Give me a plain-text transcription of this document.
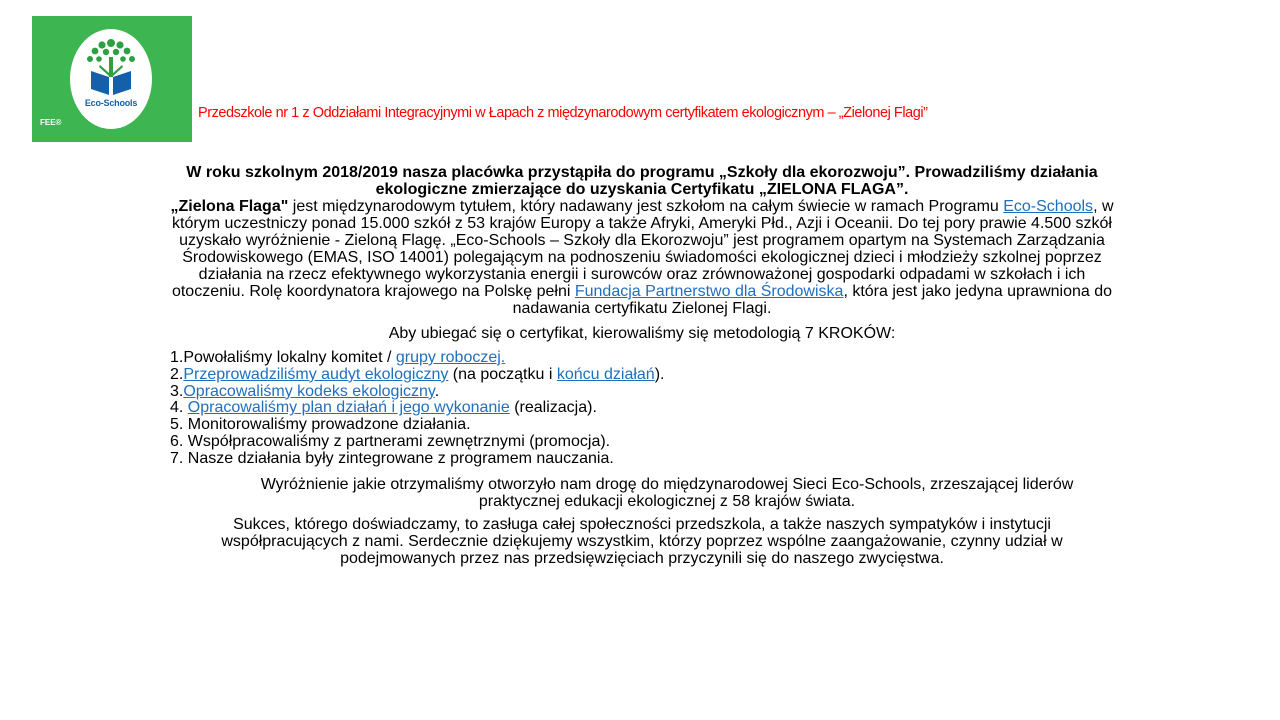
Eco-Schools
FEE®
Przedszkole nr 1 z Oddziałami Integracyjnymi w Łapach z międzynarodowym certyfikatem ekologicznym – „Zielonej Flagi”
W roku szkolnym 2018/2019 nasza placówka przystąpiła do programu „Szkoły dla ekorozwoju”. Prowadziliśmy działania ekologiczne zmierzające do uzyskania Certyfikatu „ZIELONA FLAGA”.
„Zielona Flaga" jest międzynarodowym tytułem, który nadawany jest szkołom na całym świecie w ramach Programu Eco-Schools, w którym uczestniczy ponad 15.000 szkół z 53 krajów Europy a także Afryki, Ameryki Płd., Azji i Oceanii. Do tej pory prawie 4.500 szkół uzyskało wyróżnienie - Zieloną Flagę. „Eco-Schools – Szkoły dla Ekorozwoju” jest programem opartym na Systemach Zarządzania Środowiskowego (EMAS, ISO 14001) polegającym na podnoszeniu świadomości ekologicznej dzieci i młodzieży szkolnej poprzez działania na rzecz efektywnego wykorzystania energii i surowców oraz zrównoważonej gospodarki odpadami w szkołach i ich otoczeniu. Rolę koordynatora krajowego na Polskę pełni Fundacja Partnerstwo dla Środowiska, która jest jako jedyna uprawniona do nadawania certyfikatu Zielonej Flagi.
Aby ubiegać się o certyfikat, kierowaliśmy się metodologią 7 KROKÓW:
1.Powołaliśmy lokalny komitet / grupy roboczej.
2.Przeprowadziliśmy audyt ekologiczny (na początku i końcu działań).
3.Opracowaliśmy kodeks ekologiczny.
4. Opracowaliśmy plan działań i jego wykonanie (realizacja).
5. Monitorowaliśmy prowadzone działania.
6. Współpracowaliśmy z partnerami zewnętrznymi (promocja).
7. Nasze działania były zintegrowane z programem nauczania.
Wyróżnienie jakie otrzymaliśmy otworzyło nam drogę do międzynarodowej Sieci Eco-Schools, zrzeszającej liderów praktycznej edukacji ekologicznej z 58 krajów świata.
Sukces, którego doświadczamy, to zasługa całej społeczności przedszkola, a także naszych sympatyków i instytucji współpracujących z nami. Serdecznie dziękujemy wszystkim, którzy poprzez wspólne zaangażowanie, czynny udział w podejmowanych przez nas przedsięwzięciach przyczynili się do naszego zwycięstwa.
